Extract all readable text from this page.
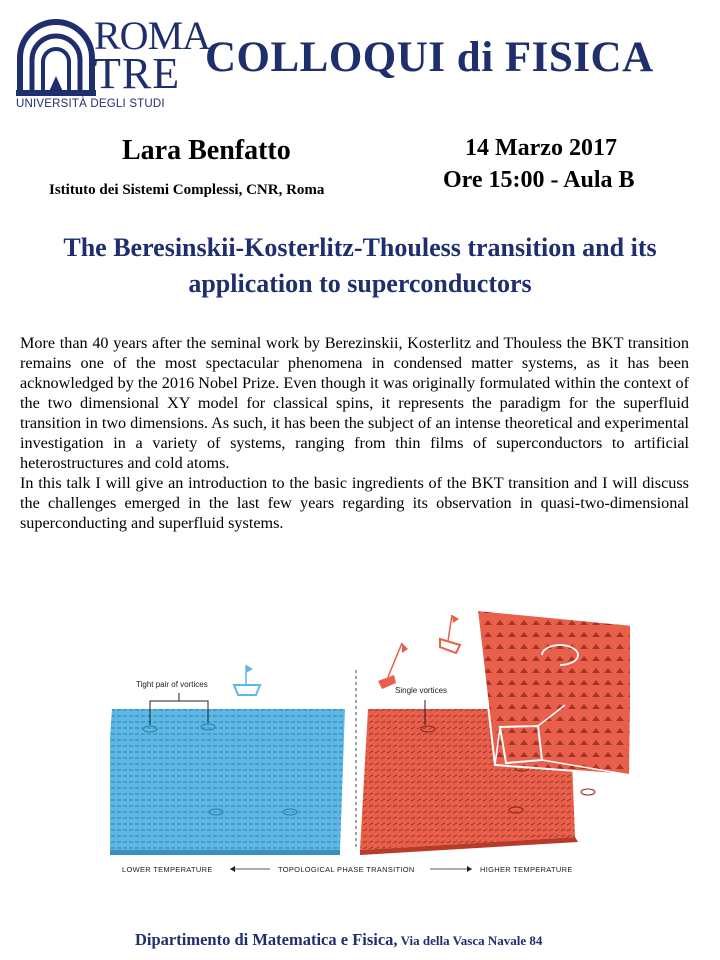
ROMA
TRE
UNIVERSITÀ DEGLI STUDI
COLLOQUI di FISICA
Lara Benfatto
Istituto dei Sistemi Complessi, CNR, Roma
14 Marzo 2017
Ore 15:00 - Aula B
The Beresinskii-Kosterlitz-Thouless transition and its application to superconductors

More than 40 years after the seminal work by Berezinskii, Kosterlitz and Thouless the BKT transition remains one of the most spectacular phenomena in condensed matter systems, as it has been acknowledged by the 2016 Nobel Prize. Even though it was originally formulated within the context of the two dimensional XY model for classical spins, it represents the paradigm for the superfluid transition in two dimensions. As such, it has been the subject of an intense theoretical and experimental investigation in a variety of systems, ranging from thin films of superconductors to artificial heterostructures and cold atoms.

In this talk I will give an introduction to the basic ingredients of the BKT transition and I will discuss the challenges emerged in the last few years regarding its observation in quasi-two-dimensional superconducting and superfluid systems.

Tight pair of vortices
Single vortices
LOWER TEMPERATURE	TOPOLOGICAL PHASE TRANSITION	HIGHER TEMPERATURE
Dipartimento di Matematica e Fisica, Via della Vasca Navale 84
